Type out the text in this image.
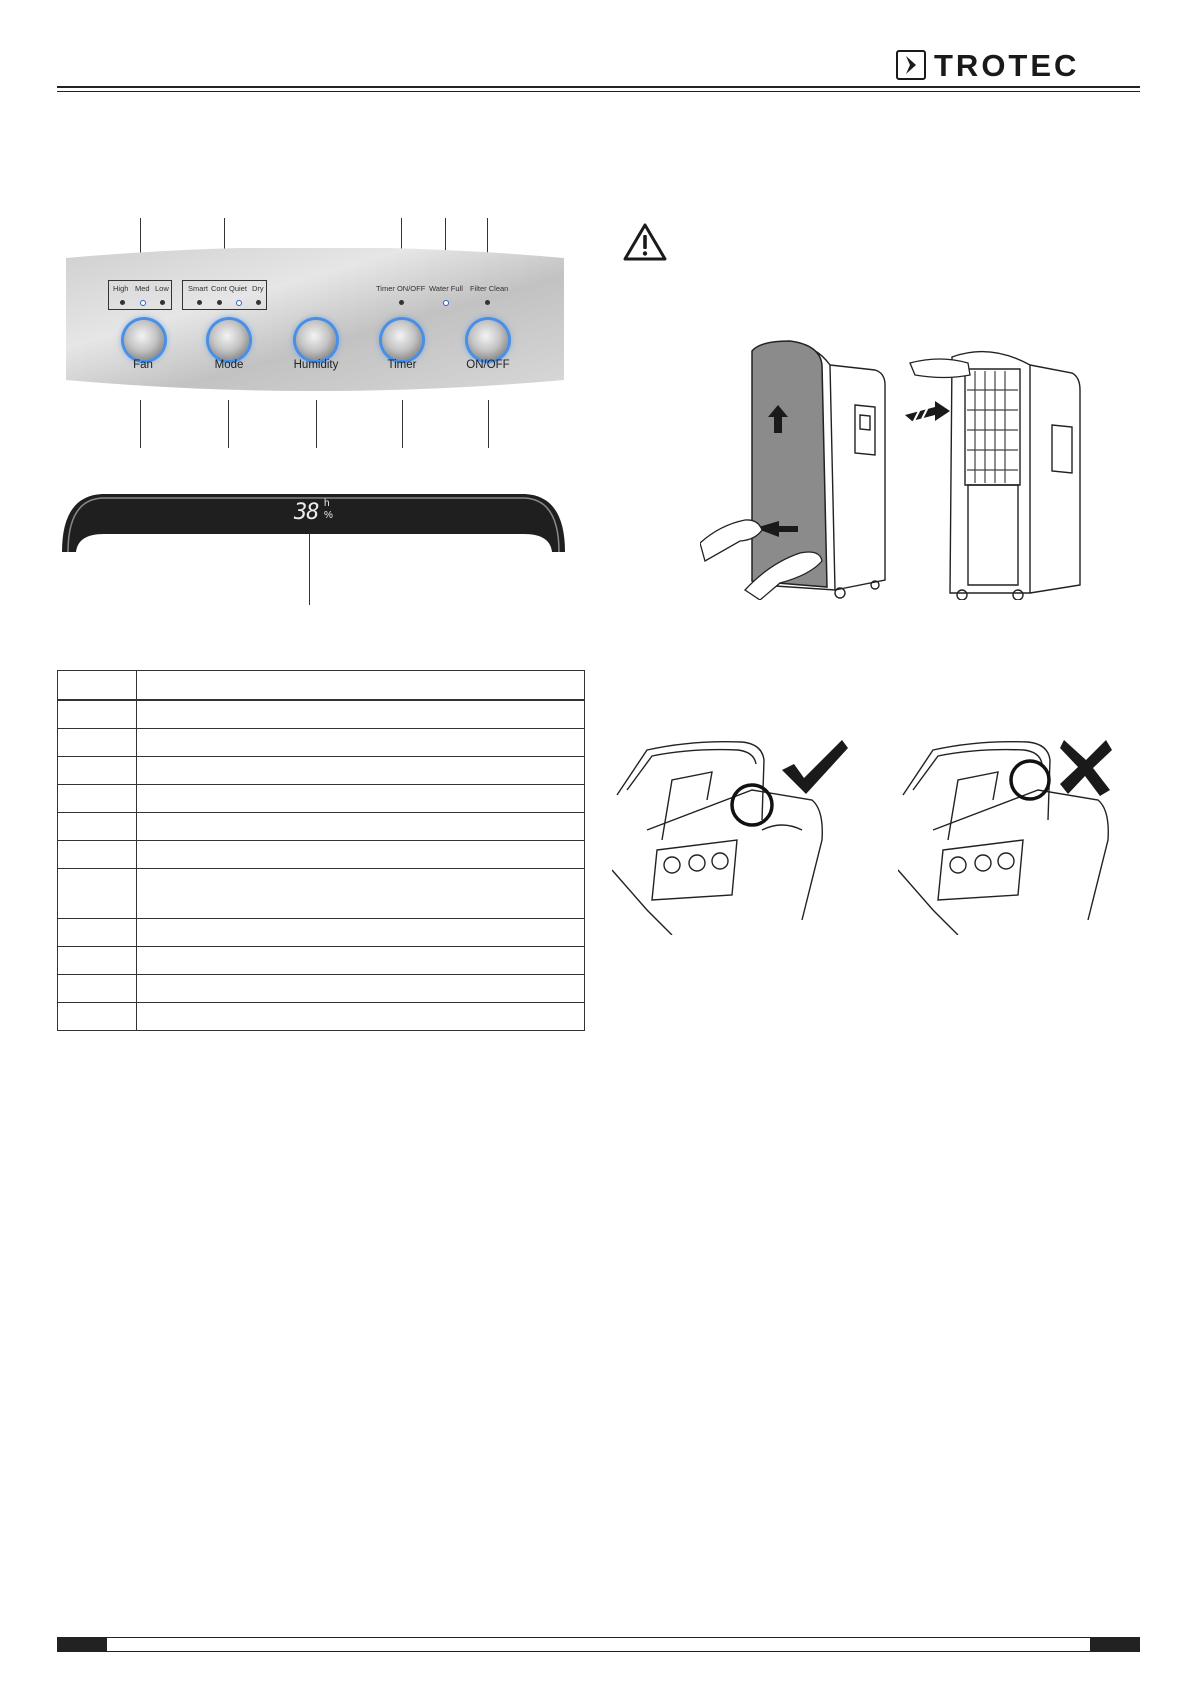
TROTEC
High Med Low	Smart Cont Quiet Dry	Timer ON/OFF Water Full Filter Clean
Fan	Mode	Humidity	Timer	ON/OFF
38 h
%
